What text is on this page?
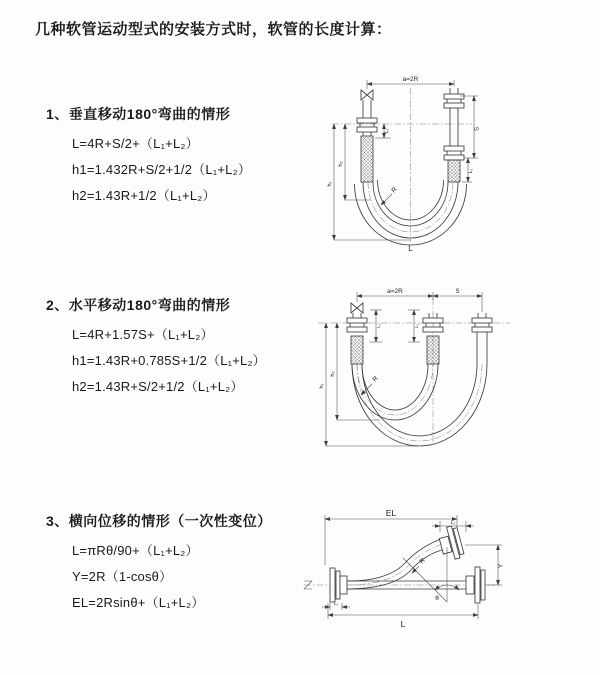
几种软管运动型式的安装方式时，软管的长度计算：
1、垂直移动180°弯曲的情形
L=4R+S/2+（L₁+L₂）
h1=1.432R+S/2+1/2（L₁+L₂）
h2=1.43R+1/2（L₁+L₂）
2、水平移动180°弯曲的情形
L=4R+1.57S+（L₁+L₂）
h1=1.43R+0.785S+1/2（L₁+L₂）
h2=1.43R+S/2+1/2（L₁+L₂）
3、横向位移的情形（一次性变位）
L=πRθ/90+（L₁+L₂）
Y=2R（1-cosθ）
EL=2Rsinθ+（L₁+L₂）
a=2R
R
h₁
h₂
L₁	S
L₂
L
a=2R	S
L₁	L₂
R
h₁
h₂
EL
L₂
Y
θ
R
L₁
L
